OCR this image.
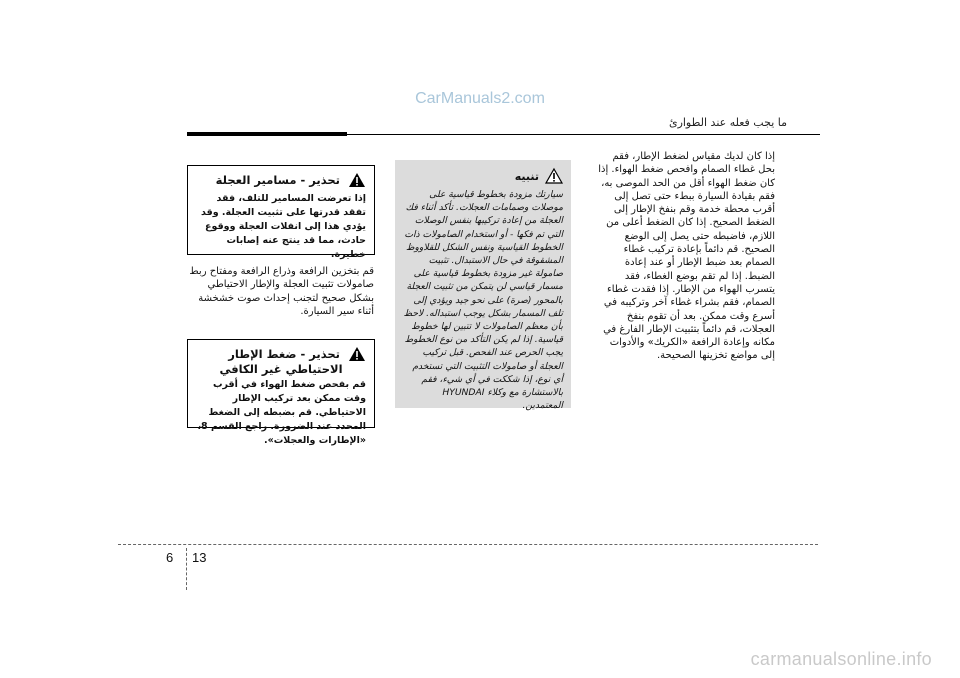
CarManuals2.com
ما يجب فعله عند الطوارئ

إذا كان لديك مقياس لضغط الإطار، فقم بحل غطاء الصمام وافحص ضغط الهواء. إذا كان ضغط الهواء أقل من الحد الموصى به، فقم بقيادة السيارة ببطء حتى تصل إلى أقرب محطة خدمة وقم بنفخ الإطار إلى الضغط الصحيح. إذا كان الضغط أعلى من اللازم، فاضبطه حتى يصل إلى الوضع الصحيح. قم دائماً بإعادة تركيب غطاء الصمام بعد ضبط الإطار أو عند إعادة الضبط. إذا لم تقم بوضع الغطاء، فقد يتسرب الهواء من الإطار. إذا فقدت غطاء الصمام، فقم بشراء غطاء آخر وتركيبه في أسرع وقت ممكن. بعد أن تقوم بنفخ العجلات، قم دائماً بتثبيت الإطار الفارغ في مكانه وإعادة الرافعة «الكريك» والأدوات إلى مواضع تخزينها الصحيحة.

تنبيه

سيارتك مزودة بخطوط قياسية على موصلات وصمامات العجلات. تأكد أثناء فك العجلة من إعادة تركيبها بنفس الوصلات التي تم فكها - أو استخدام الصامولات ذات الخطوط القياسية ونفس الشكل للقلاووظ المشقوقة في حال الاستبدال. تثبيت صامولة غير مزودة بخطوط قياسية على مسمار قياسي لن يتمكن من تثبيت العجلة بالمحور (صرة) على نحو جيد ويؤدي إلى تلف المسمار بشكل يوجب استبداله. لاحظ بأن معظم الصامولات لا تتبين لها خطوط قياسية. إذا لم يكن التأكد من نوع الخطوط يجب الحرص عند الفحص. قبل تركيب العجلة أو صامولات التثبيت التي تستخدم أي نوع، إذا شككت في أي شيء، فقم بالاستشارة مع وكلاء HYUNDAI المعتمدين.

تحذير - مسامير العجلة

إذا تعرضت المسامير للتلف، فقد تفقد قدرتها على تثبيت العجلة. وقد يؤدي هذا إلى انفلات العجلة ووقوع حادث، مما قد ينتج عنه إصابات خطيرة.

قم بتخزين الرافعة وذراع الرافعة ومفتاح ربط صامولات تثبيت العجلة والإطار الاحتياطي بشكل صحيح لتجنب إحداث صوت خشخشة أثناء سير السيارة.

تحذير - ضغط الإطار
الاحتياطي غير الكافي

قم بفحص ضغط الهواء في أقرب وقت ممكن بعد تركيب الإطار الاحتياطي. قم بضبطه إلى الضغط المحدد عند الضرورة. راجع القسم 8، «الإطارات والعجلات».

6 13
carmanualsonline.info
